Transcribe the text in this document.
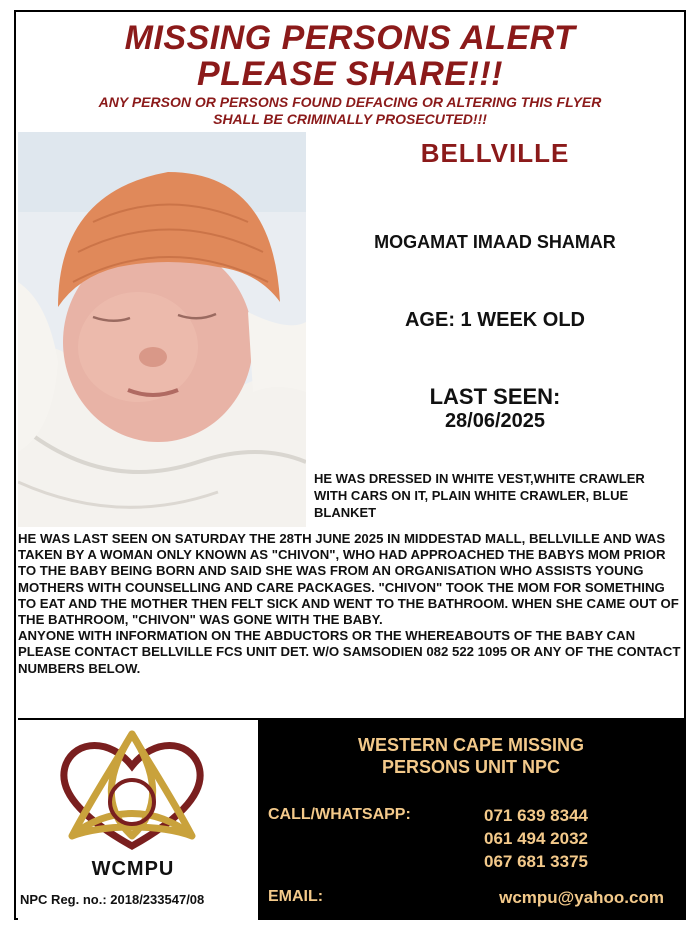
MISSING PERSONS ALERT
PLEASE SHARE!!!
ANY PERSON OR PERSONS FOUND DEFACING OR ALTERING THIS FLYER
SHALL BE CRIMINALLY PROSECUTED!!!
BELLVILLE
MOGAMAT IMAAD SHAMAR
AGE: 1 WEEK OLD
LAST SEEN:
28/06/2025
HE WAS DRESSED IN WHITE VEST,WHITE CRAWLER WITH CARS ON IT, PLAIN WHITE CRAWLER, BLUE BLANKET

HE WAS LAST SEEN ON SATURDAY THE 28TH JUNE 2025 IN MIDDESTAD MALL, BELLVILLE AND WAS TAKEN BY A WOMAN ONLY KNOWN AS "CHIVON", WHO HAD APPROACHED THE BABYS MOM PRIOR TO THE BABY BEING BORN AND SAID SHE WAS FROM AN ORGANISATION WHO ASSISTS YOUNG MOTHERS WITH COUNSELLING AND CARE PACKAGES. "CHIVON" TOOK THE MOM FOR SOMETHING TO EAT AND THE MOTHER THEN FELT SICK AND WENT TO THE BATHROOM. WHEN SHE CAME OUT OF THE BATHROOM, "CHIVON" WAS GONE WITH THE BABY.

ANYONE WITH INFORMATION ON THE ABDUCTORS OR THE WHEREABOUTS OF THE BABY CAN PLEASE CONTACT BELLVILLE FCS UNIT DET. W/O SAMSODIEN 082 522 1095 OR ANY OF THE CONTACT NUMBERS BELOW.

WCMPU
NPC Reg. no.: 2018/233547/08
WESTERN CAPE MISSING
PERSONS UNIT NPC
CALL/WHATSAPP:	071 639 8344
061 494 2032
067 681 3375
EMAIL:	wcmpu@yahoo.com
